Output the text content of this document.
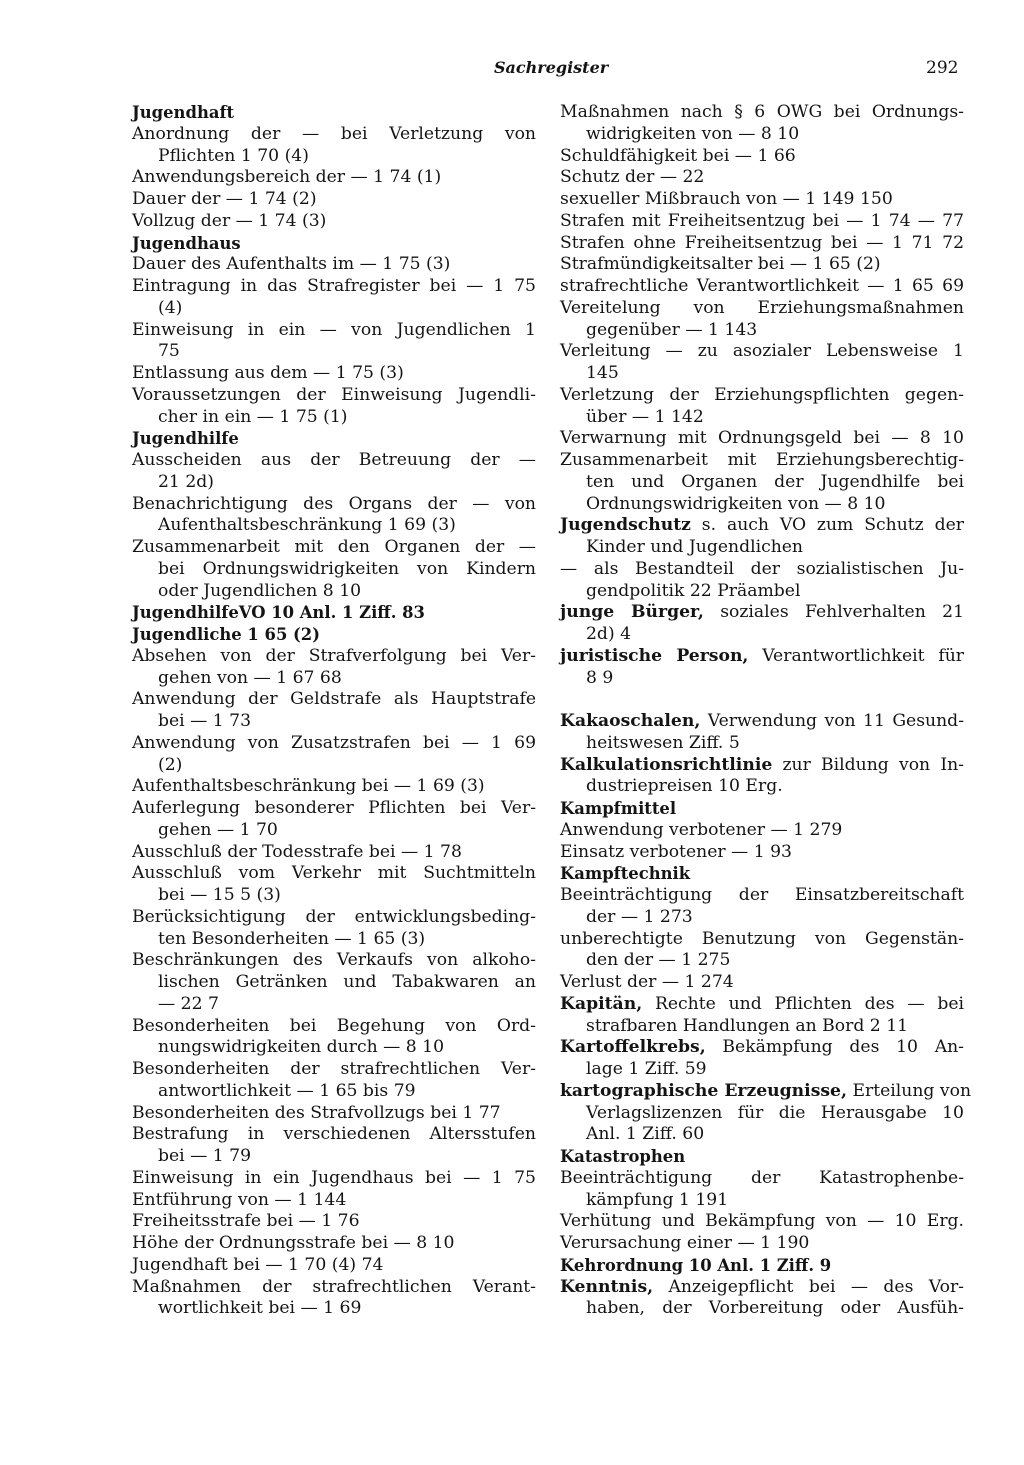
Sachregister	292
Jugendhaft
Anordnung der — bei Verletzung von
Pflichten 1 70 (4)
Anwendungsbereich der — 1 74 (1)
Dauer der — 1 74 (2)
Vollzug der — 1 74 (3)
Jugendhaus
Dauer des Aufenthalts im — 1 75 (3)
Eintragung in das Strafregister bei — 1 75
(4)
Einweisung in ein — von Jugendlichen 1
75
Entlassung aus dem — 1 75 (3)
Voraussetzungen der Einweisung Jugendli-
cher in ein — 1 75 (1)
Jugendhilfe
Ausscheiden aus der Betreuung der —
21 2d)
Benachrichtigung des Organs der — von
Aufenthaltsbeschränkung 1 69 (3)
Zusammenarbeit mit den Organen der —
bei Ordnungswidrigkeiten von Kindern
oder Jugendlichen 8 10
JugendhilfeVO 10 Anl. 1 Ziff. 83
Jugendliche 1 65 (2)
Absehen von der Strafverfolgung bei Ver-
gehen von — 1 67 68
Anwendung der Geldstrafe als Hauptstrafe
bei — 1 73
Anwendung von Zusatzstrafen bei — 1 69
(2)
Aufenthaltsbeschränkung bei — 1 69 (3)
Auferlegung besonderer Pflichten bei Ver-
gehen — 1 70
Ausschluß der Todesstrafe bei — 1 78
Ausschluß vom Verkehr mit Suchtmitteln
bei — 15 5 (3)
Berücksichtigung der entwicklungsbeding-
ten Besonderheiten — 1 65 (3)
Beschränkungen des Verkaufs von alkoho-
lischen Getränken und Tabakwaren an
— 22 7
Besonderheiten bei Begehung von Ord-
nungswidrigkeiten durch — 8 10
Besonderheiten der strafrechtlichen Ver-
antwortlichkeit — 1 65 bis 79
Besonderheiten des Strafvollzugs bei 1 77
Bestrafung in verschiedenen Altersstufen
bei — 1 79
Einweisung in ein Jugendhaus bei — 1 75
Entführung von — 1 144
Freiheitsstrafe bei — 1 76
Höhe der Ordnungsstrafe bei — 8 10
Jugendhaft bei — 1 70 (4) 74
Maßnahmen der strafrechtlichen Verant-
wortlichkeit bei — 1 69
Maßnahmen nach § 6 OWG bei Ordnungs-
widrigkeiten von — 8 10
Schuldfähigkeit bei — 1 66
Schutz der — 22
sexueller Mißbrauch von — 1 149 150
Strafen mit Freiheitsentzug bei — 1 74 — 77
Strafen ohne Freiheitsentzug bei — 1 71 72
Strafmündigkeitsalter bei — 1 65 (2)
strafrechtliche Verantwortlichkeit — 1 65 69
Vereitelung von Erziehungsmaßnahmen
gegenüber — 1 143
Verleitung — zu asozialer Lebensweise 1
145
Verletzung der Erziehungspflichten gegen-
über — 1 142
Verwarnung mit Ordnungsgeld bei — 8 10
Zusammenarbeit mit Erziehungsberechtig-
ten und Organen der Jugendhilfe bei
Ordnungswidrigkeiten von — 8 10
Jugendschutz s. auch VO zum Schutz der
Kinder und Jugendlichen
— als Bestandteil der sozialistischen Ju-
gendpolitik 22 Präambel
junge Bürger, soziales Fehlverhalten 21
2d) 4
juristische Person, Verantwortlichkeit für
8 9
Kakaoschalen, Verwendung von 11 Gesund-
heitswesen Ziff. 5
Kalkulationsrichtlinie zur Bildung von In-
dustriepreisen 10 Erg.
Kampfmittel
Anwendung verbotener — 1 279
Einsatz verbotener — 1 93
Kampftechnik
Beeinträchtigung der Einsatzbereitschaft
der — 1 273
unberechtigte Benutzung von Gegenstän-
den der — 1 275
Verlust der — 1 274
Kapitän, Rechte und Pflichten des — bei
strafbaren Handlungen an Bord 2 11
Kartoffelkrebs, Bekämpfung des 10 An-
lage 1 Ziff. 59
kartographische Erzeugnisse, Erteilung von
Verlagslizenzen für die Herausgabe 10
Anl. 1 Ziff. 60
Katastrophen
Beeinträchtigung der Katastrophenbe-
kämpfung 1 191
Verhütung und Bekämpfung von — 10 Erg.
Verursachung einer — 1 190
Kehrordnung 10 Anl. 1 Ziff. 9
Kenntnis, Anzeigepflicht bei — des Vor-
haben, der Vorbereitung oder Ausfüh-
